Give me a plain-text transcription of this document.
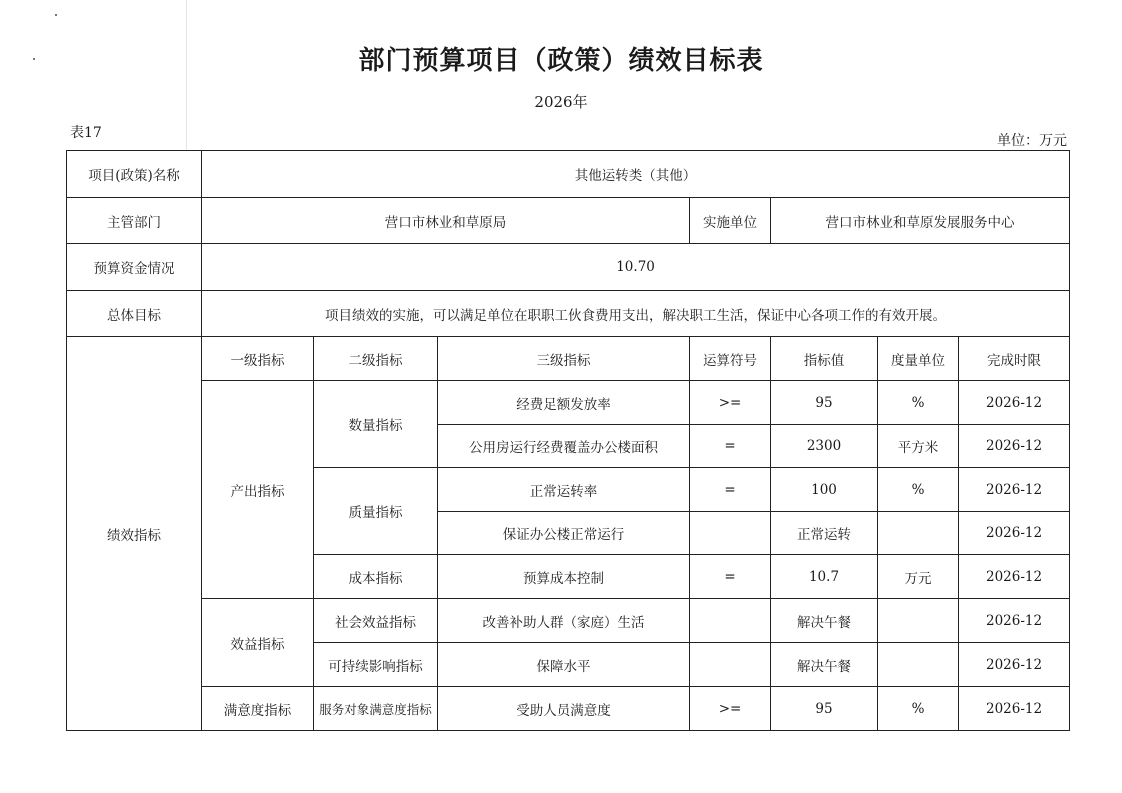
部门预算项目（政策）绩效目标表
2026年
表17	单位：万元
项目(政策)名称	其他运转类（其他）						
主管部门	营口市林业和草原局			实施单位	营口市林业和草原发展服务中心		
预算资金情况	10.70						
总体目标	项目绩效的实施，可以满足单位在职职工伙食费用支出，解决职工生活，保证中心各项工作的有效开展。						
绩效指标	一级指标	二级指标	三级指标	运算符号	指标值	度量单位	完成时限
	产出指标	数量指标	经费足额发放率	>=	95	%	2026-12
			公用房运行经费覆盖办公楼面积	=	2300	平方米	2026-12
		质量指标	正常运转率	=	100	%	2026-12
			保证办公楼正常运行		正常运转		2026-12
		成本指标	预算成本控制	=	10.7	万元	2026-12
	效益指标	社会效益指标	改善补助人群（家庭）生活		解决午餐		2026-12
		可持续影响指标	保障水平		解决午餐		2026-12
	满意度指标	服务对象满意度指标	受助人员满意度	>=	95	%	2026-12
